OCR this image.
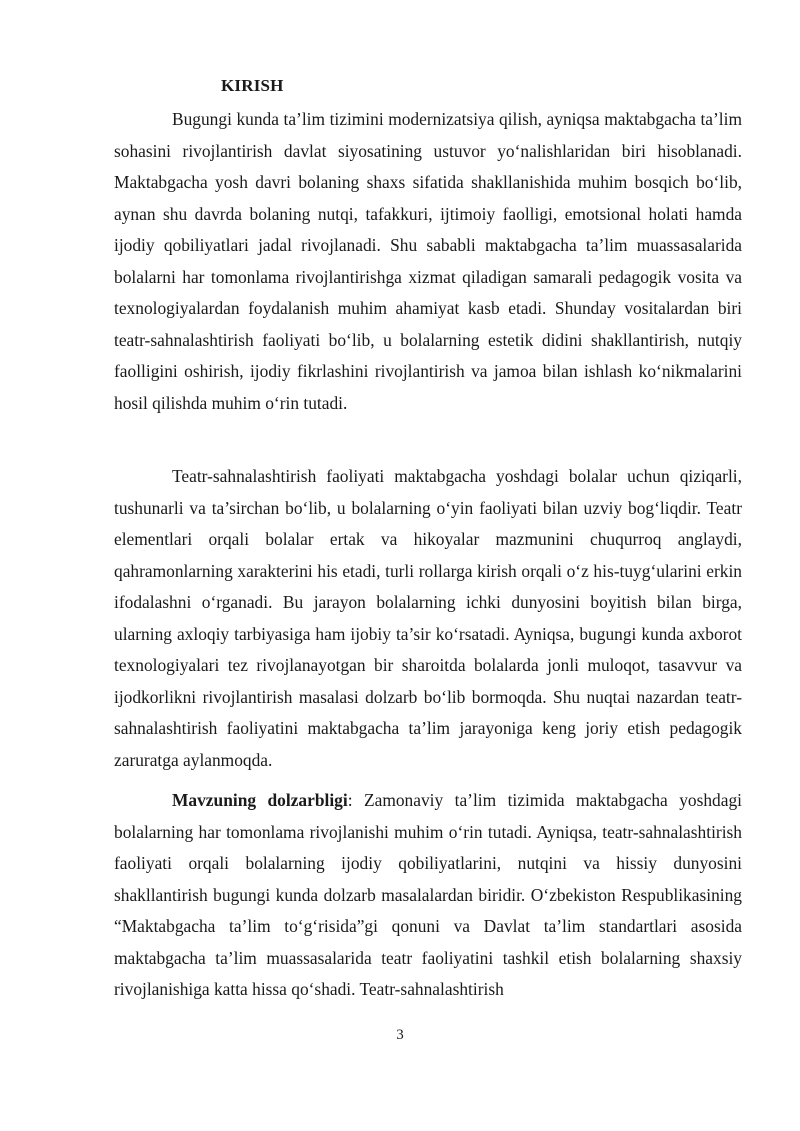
KIRISH

Bugungi kunda ta’lim tizimini modernizatsiya qilish, ayniqsa maktabgacha ta’lim sohasini rivojlantirish davlat siyosatining ustuvor yo‘nalishlaridan biri hisoblanadi. Maktabgacha yosh davri bolaning shaxs sifatida shakllanishida muhim bosqich bo‘lib, aynan shu davrda bolaning nutqi, tafakkuri, ijtimoiy faolligi, emotsional holati hamda ijodiy qobiliyatlari jadal rivojlanadi. Shu sababli maktabgacha ta’lim muassasalarida bolalarni har tomonlama rivojlantirishga xizmat qiladigan samarali pedagogik vosita va texnologiyalardan foydalanish muhim ahamiyat kasb etadi. Shunday vositalardan biri teatr-sahnalashtirish faoliyati bo‘lib, u bolalarning estetik didini shakllantirish, nutqiy faolligini oshirish, ijodiy fikrlashini rivojlantirish va jamoa bilan ishlash ko‘nikmalarini hosil qilishda muhim o‘rin tutadi.

Teatr-sahnalashtirish faoliyati maktabgacha yoshdagi bolalar uchun qiziqarli, tushunarli va ta’sirchan bo‘lib, u bolalarning o‘yin faoliyati bilan uzviy bog‘liqdir. Teatr elementlari orqali bolalar ertak va hikoyalar mazmunini chuqurroq anglaydi, qahramonlarning xarakterini his etadi, turli rollarga kirish orqali o‘z his-tuyg‘ularini erkin ifodalashni o‘rganadi. Bu jarayon bolalarning ichki dunyosini boyitish bilan birga, ularning axloqiy tarbiyasiga ham ijobiy ta’sir ko‘rsatadi. Ayniqsa, bugungi kunda axborot texnologiyalari tez rivojlanayotgan bir sharoitda bolalarda jonli muloqot, tasavvur va ijodkorlikni rivojlantirish masalasi dolzarb bo‘lib bormoqda. Shu nuqtai nazardan teatr-sahnalashtirish faoliyatini maktabgacha ta’lim jarayoniga keng joriy etish pedagogik zaruratga aylanmoqda.

Mavzuning dolzarbligi: Zamonaviy ta’lim tizimida maktabgacha yoshdagi bolalarning har tomonlama rivojlanishi muhim o‘rin tutadi. Ayniqsa, teatr-sahnalashtirish faoliyati orqali bolalarning ijodiy qobiliyatlarini, nutqini va hissiy dunyosini shakllantirish bugungi kunda dolzarb masalalardan biridir. O‘zbekiston Respublikasining “Maktabgacha ta’lim to‘g‘risida”gi qonuni va Davlat ta’lim standartlari asosida maktabgacha ta’lim muassasalarida teatr faoliyatini tashkil etish bolalarning shaxsiy rivojlanishiga katta hissa qo‘shadi. Teatr-sahnalashtirish

3
